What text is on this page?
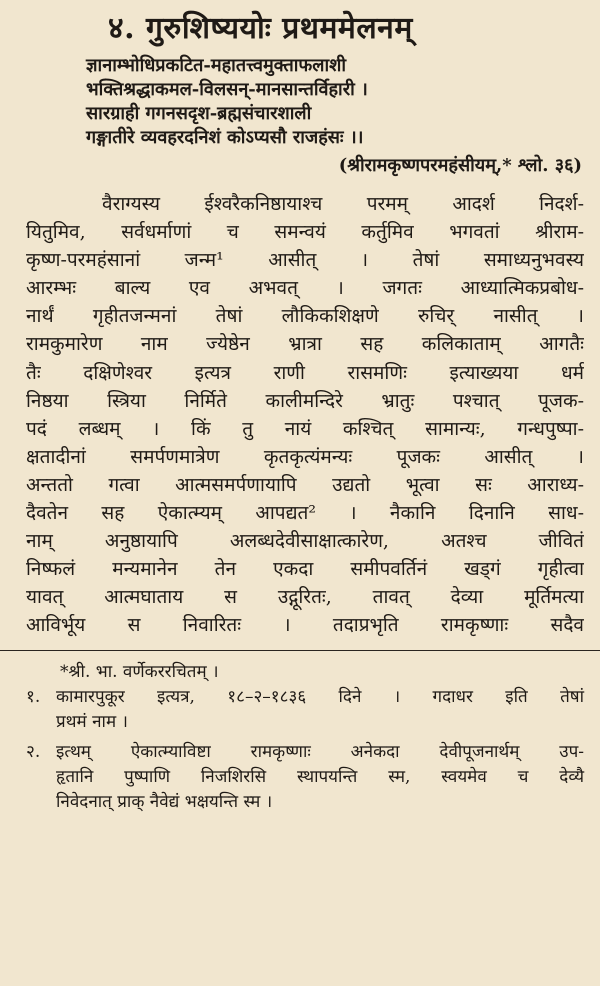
४. गुरुशिष्ययोः प्रथममेलनम्
ज्ञानाम्भोधिप्रकटित-महातत्त्वमुक्ताफलाशी
भक्तिश्रद्धाकमल-विलसन्-मानसान्तर्विहारी ।
सारग्राही गगनसदृश-ब्रह्मसंचारशाली
गङ्गातीरे व्यवहरदनिशं कोऽप्यसौ राजहंसः ।।
(श्रीरामकृष्णपरमहंसीयम्,* श्लो. ३६)
वैराग्यस्य ईश्वरैकनिष्ठायाश्च परमम् आदर्श निदर्श-
यितुमिव, सर्वधर्माणां च समन्वयं कर्तुमिव भगवतां श्रीराम-
कृष्ण-परमहंसानां जन्म¹ आसीत् । तेषां समाध्यनुभवस्य
आरम्भः बाल्य एव अभवत् । जगतः आध्यात्मिकप्रबोध-
नार्थं गृहीतजन्मनां तेषां लौकिकशिक्षणे रुचिर् नासीत् ।
रामकुमारेण नाम ज्येष्ठेन भ्रात्रा सह कलिकाताम् आगतैः
तैः दक्षिणेश्वर इत्यत्र राणी रासमणिः इत्याख्यया धर्म
निष्ठया स्त्रिया निर्मिते कालीमन्दिरे भ्रातुः पश्चात् पूजक-
पदं लब्धम् । किं तु नायं कश्चित् सामान्यः, गन्धपुष्पा-
क्षतादीनां समर्पणमात्रेण कृतकृत्यंमन्यः पूजकः आसीत् ।
अन्ततो गत्वा आत्मसमर्पणायापि उद्यतो भूत्वा सः आराध्य-
दैवतेन सह ऐकात्म्यम् आपद्यत² । नैकानि दिनानि साध-
नाम् अनुष्ठायापि अलब्धदेवीसाक्षात्कारेण, अतश्च जीवितं
निष्फलं मन्यमानेन तेन एकदा समीपवर्तिनं खड्गं गृहीत्वा
यावत् आत्मघाताय स उद्गूरितः, तावत् देव्या मूर्तिमत्या
आविर्भूय स निवारितः । तदाप्रभृति रामकृष्णाः सदैव
*श्री. भा. वर्णेकररचितम् ।
१. कामारपुकूर इत्यत्र, १८–२–१८३६ दिने । गदाधर इति तेषां
प्रथमं नाम ।
२. इत्थम् ऐकात्म्याविष्टा रामकृष्णाः अनेकदा देवीपूजनार्थम् उप-
हृतानि पुष्पाणि निजशिरसि स्थापयन्ति स्म, स्वयमेव च देव्यै
निवेदनात् प्राक् नैवेद्यं भक्षयन्ति स्म ।
